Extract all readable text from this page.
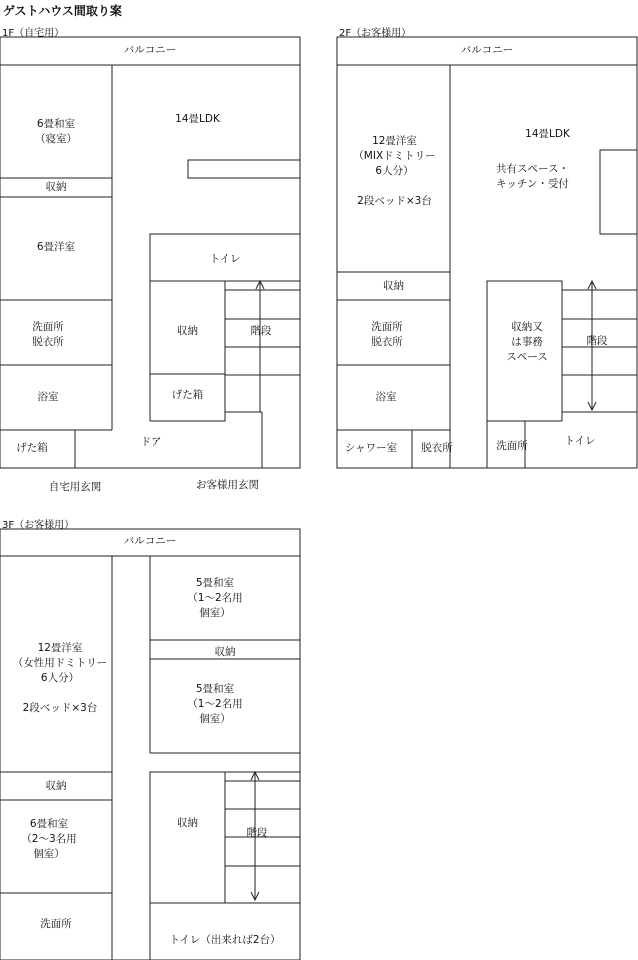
ゲストハウス間取り案
1F（自宅用）
バルコニー
6畳和室
（寝室）
14畳LDK
収納
6畳洋室
トイレ
収納	階段
洗面所
脱衣所
げた箱
浴室
げた箱	ドア
自宅用玄関	お客様用玄関
2F（お客様用）
バルコニー
12畳洋室
（MIXドミトリー
6人分）

2段ベッド×3台
14畳LDK
共有スペース・
キッチン・受付
収納
洗面所
脱衣所
収納又
は事務
スペース
階段
浴室
シャワー室	脱衣所	洗面所	トイレ
3F（お客様用）
バルコニー
5畳和室
（1～2名用
個室）
12畳洋室
（女性用ドミトリー
6人分）

2段ベッド×3台
収納
5畳和室
（1～2名用
個室）
収納
収納
階段
6畳和室
（2～3名用
個室）
洗面所
トイレ（出来れば2台）
